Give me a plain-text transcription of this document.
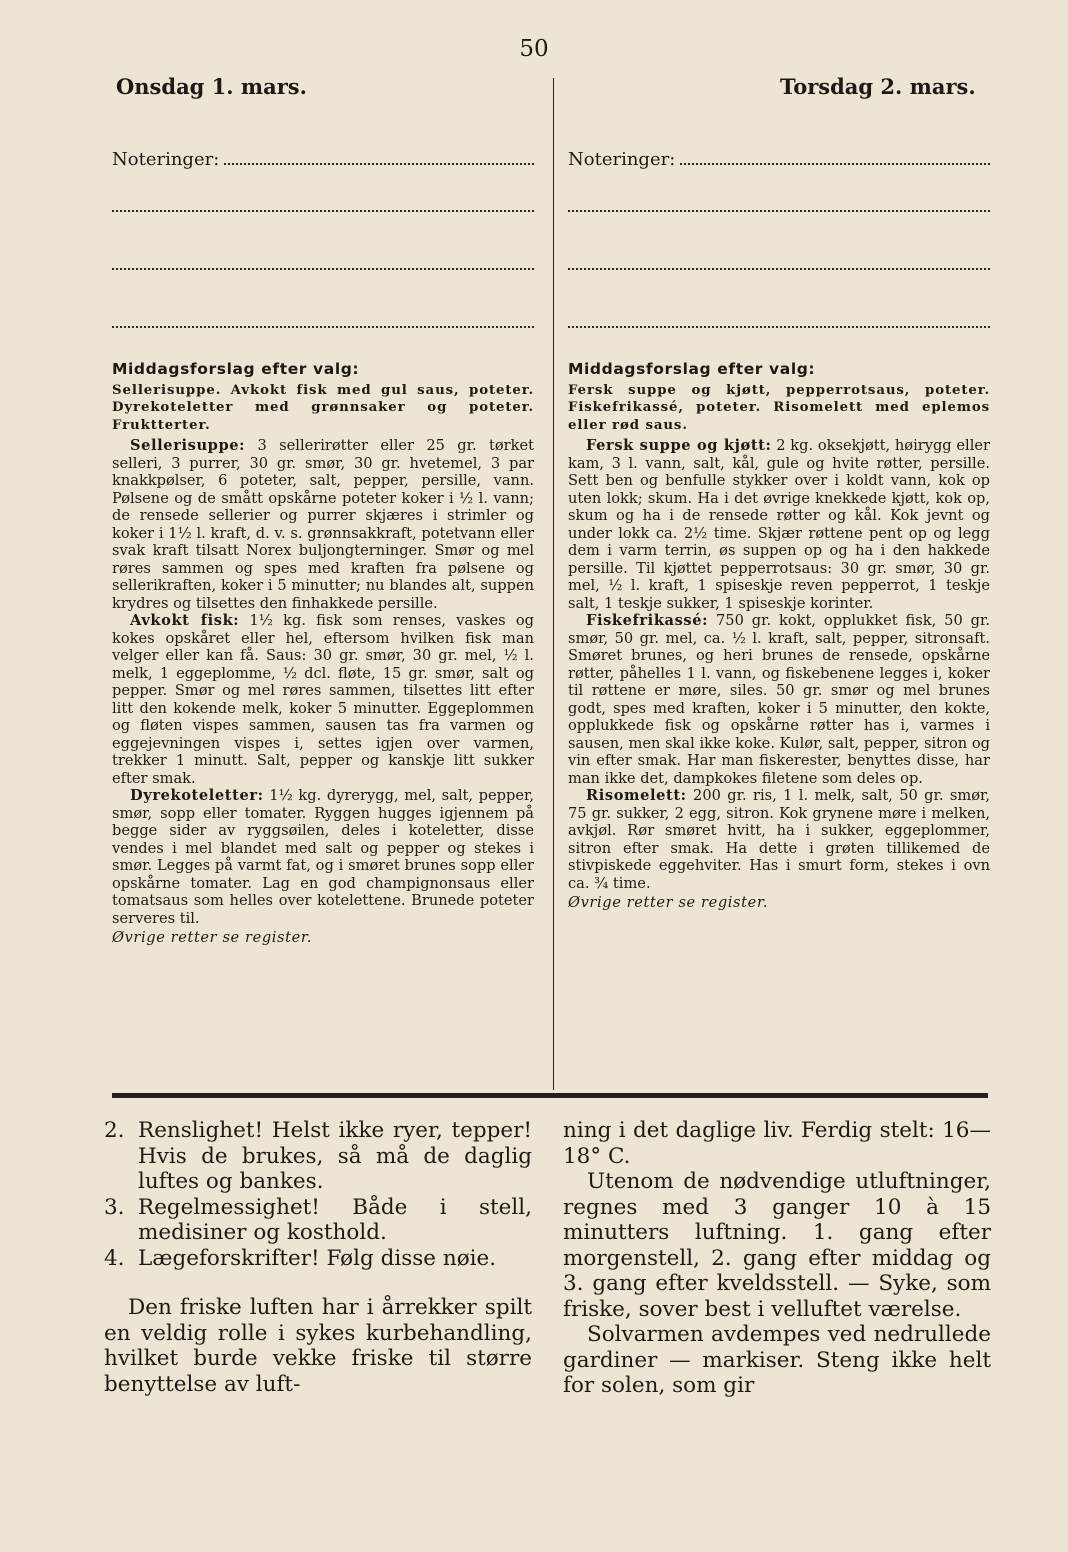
50
Onsdag 1. mars.	Torsdag 2. mars.
Noteringer:
Middagsforslag efter valg:

Sellerisuppe. Avkokt fisk med gul saus, poteter. Dyrekoteletter med grønnsaker og poteter. Fruktterter.

Sellerisuppe: 3 sellerirøtter eller 25 gr. tørket selleri, 3 purrer, 30 gr. smør, 30 gr. hvetemel, 3 par knakkpølser, 6 poteter, salt, pepper, persille, vann. Pølsene og de smått opskårne poteter koker i ½ l. vann; de rensede sellerier og purrer skjæres i strimler og koker i 1½ l. kraft, d. v. s. grønnsakkraft, potetvann eller svak kraft tilsatt Norex buljongterninger. Smør og mel røres sammen og spes med kraften fra pølsene og sellerikraften, koker i 5 minutter; nu blandes alt, suppen krydres og tilsettes den finhakkede persille.

Avkokt fisk: 1½ kg. fisk som renses, vaskes og kokes opskåret eller hel, eftersom hvilken fisk man velger eller kan få. Saus: 30 gr. smør, 30 gr. mel, ½ l. melk, 1 eggeplomme, ½ dcl. fløte, 15 gr. smør, salt og pepper. Smør og mel røres sammen, tilsettes litt efter litt den kokende melk, koker 5 minutter. Eggeplommen og fløten vispes sammen, sausen tas fra varmen og eggejevningen vispes i, settes igjen over varmen, trekker 1 minutt. Salt, pepper og kanskje litt sukker efter smak.

Dyrekoteletter: 1½ kg. dyrerygg, mel, salt, pepper, smør, sopp eller tomater. Ryggen hugges igjennem på begge sider av ryggsøilen, deles i koteletter, disse vendes i mel blandet med salt og pepper og stekes i smør. Legges på varmt fat, og i smøret brunes sopp eller opskårne tomater. Lag en god champignonsaus eller tomatsaus som helles over kotelettene. Brunede poteter serveres til.

Øvrige retter se register.
Noteringer:
Middagsforslag efter valg:

Fersk suppe og kjøtt, pepperrotsaus, poteter. Fiskefrikassé, poteter. Risomelett med eplemos eller rød saus.

Fersk suppe og kjøtt: 2 kg. oksekjøtt, høirygg eller kam, 3 l. vann, salt, kål, gule og hvite røtter, persille. Sett ben og benfulle stykker over i koldt vann, kok op uten lokk; skum. Ha i det øvrige knekkede kjøtt, kok op, skum og ha i de rensede røtter og kål. Kok jevnt og under lokk ca. 2½ time. Skjær røttene pent op og legg dem i varm terrin, øs suppen op og ha i den hakkede persille. Til kjøttet pepperrotsaus: 30 gr. smør, 30 gr. mel, ½ l. kraft, 1 spiseskje reven pepperrot, 1 teskje salt, 1 teskje sukker, 1 spiseskje korinter.

Fiskefrikassé: 750 gr. kokt, opplukket fisk, 50 gr. smør, 50 gr. mel, ca. ½ l. kraft, salt, pepper, sitronsaft. Smøret brunes, og heri brunes de rensede, opskårne røtter, påhelles 1 l. vann, og fiskebenene legges i, koker til røttene er møre, siles. 50 gr. smør og mel brunes godt, spes med kraften, koker i 5 minutter, den kokte, opplukkede fisk og opskårne røtter has i, varmes i sausen, men skal ikke koke. Kulør, salt, pepper, sitron og vin efter smak. Har man fiskerester, benyttes disse, har man ikke det, dampkokes filetene som deles op.

Risomelett: 200 gr. ris, 1 l. melk, salt, 50 gr. smør, 75 gr. sukker, 2 egg, sitron. Kok grynene møre i melken, avkjøl. Rør smøret hvitt, ha i sukker, eggeplommer, sitron efter smak. Ha dette i grøten tillikemed de stivpiskede eggehviter. Has i smurt form, stekes i ovn ca. ¾ time.

Øvrige retter se register.
2. Renslighet! Helst ikke ryer, tepper! Hvis de brukes, så må de daglig luftes og bankes.
3. Regelmessighet! Både i stell, medisiner og kosthold.
4. Lægeforskrifter! Følg disse nøie.

Den friske luften har i årrekker spilt en veldig rolle i sykes kurbehandling, hvilket burde vekke friske til større benyttelse av luft-

ning i det daglige liv. Ferdig stelt: 16—18° C.

Utenom de nødvendige utluftninger, regnes med 3 ganger 10 à 15 minutters luftning. 1. gang efter morgenstell, 2. gang efter middag og 3. gang efter kveldsstell. — Syke, som friske, sover best i velluftet værelse.

Solvarmen avdempes ved nedrullede gardiner — markiser. Steng ikke helt for solen, som gir
